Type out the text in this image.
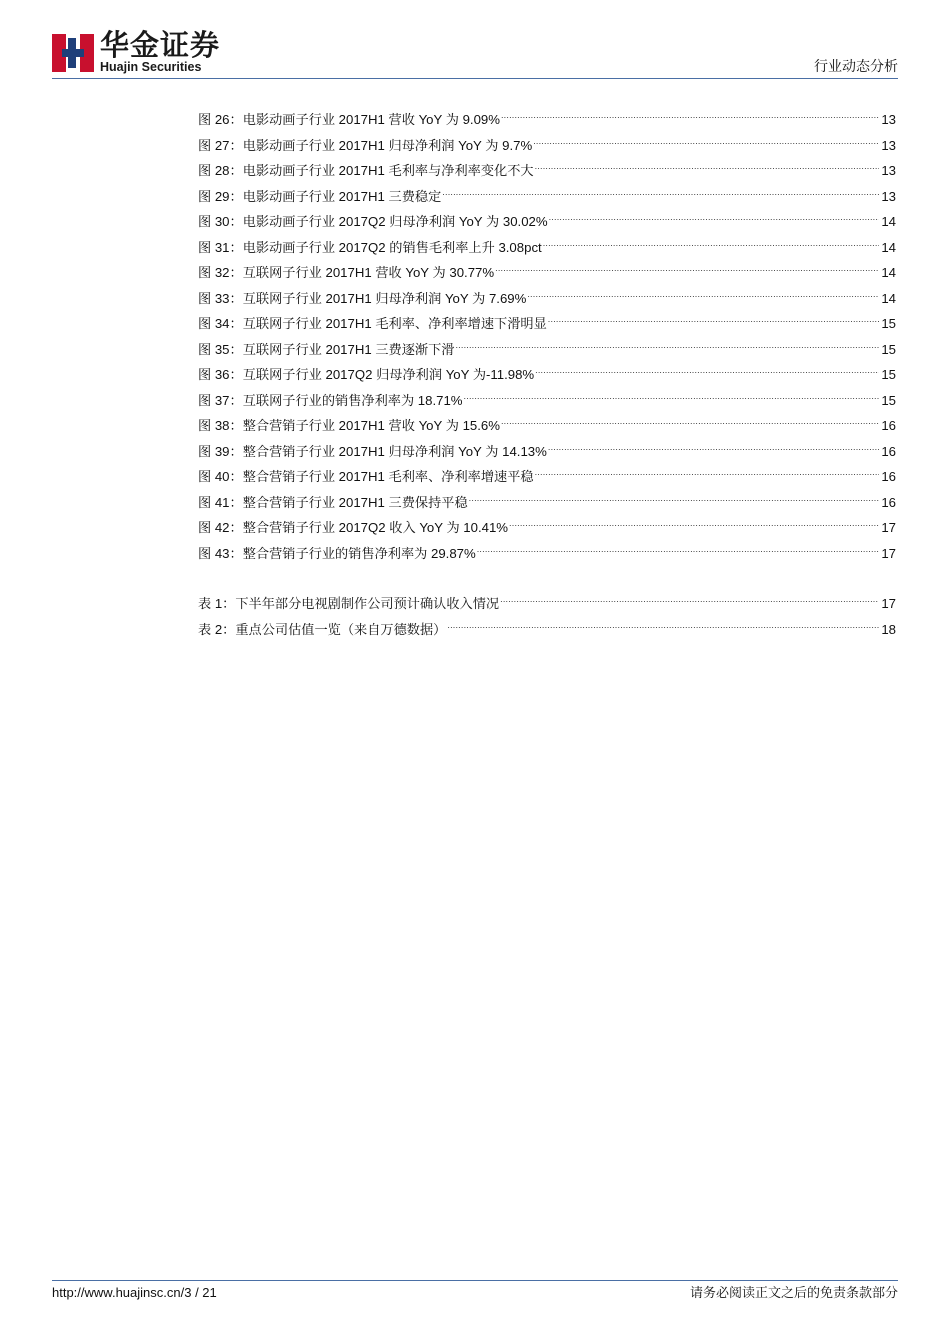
华金证券
Huajin Securities	行业动态分析
图 26：电影动画子行业 2017H1 营收 YoY 为 9.09% .....	13
图 27：电影动画子行业 2017H1 归母净利润 YoY 为 9.7% .....	13
图 28：电影动画子行业 2017H1 毛利率与净利率变化不大 .....	13
图 29：电影动画子行业 2017H1 三费稳定 .....	13
图 30：电影动画子行业 2017Q2 归母净利润 YoY 为 30.02% .....	14
图 31：电影动画子行业 2017Q2 的销售毛利率上升 3.08pct .....	14
图 32：互联网子行业 2017H1 营收 YoY 为 30.77% .....	14
图 33：互联网子行业 2017H1 归母净利润 YoY 为 7.69% .....	14
图 34：互联网子行业 2017H1 毛利率、净利率增速下滑明显 .....	15
图 35：互联网子行业 2017H1 三费逐渐下滑 .....	15
图 36：互联网子行业 2017Q2 归母净利润 YoY 为-11.98% .....	15
图 37：互联网子行业的销售净利率为 18.71% .....	15
图 38：整合营销子行业 2017H1 营收 YoY 为 15.6% .....	16
图 39：整合营销子行业 2017H1 归母净利润 YoY 为 14.13% .....	16
图 40：整合营销子行业 2017H1 毛利率、净利率增速平稳 .....	16
图 41：整合营销子行业 2017H1 三费保持平稳 .....	16
图 42：整合营销子行业 2017Q2 收入 YoY 为 10.41% .....	17
图 43：整合营销子行业的销售净利率为 29.87% .....	17
表 1：下半年部分电视剧制作公司预计确认收入情况 .....	17
表 2：重点公司估值一览（来自万德数据） .....	18
http://www.huajinsc.cn/3 / 21	请务必阅读正文之后的免责条款部分
